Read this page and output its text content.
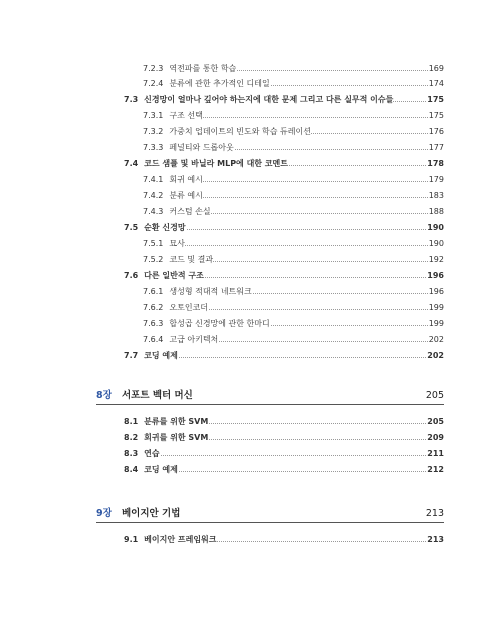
7.2.3 역전파를 통한 학습	169
7.2.4 분류에 관한 추가적인 디테일	174
7.3 신경망이 얼마나 깊어야 하는지에 대한 문제 그리고 다른 실무적 이슈들	175
7.3.1 구조 선택	175
7.3.2 가중치 업데이트의 빈도와 학습 듀레이션	176
7.3.3 페널티와 드롭아웃	177
7.4 코드 샘플 및 바닐라 MLP에 대한 코멘트	178
7.4.1 회귀 예시	179
7.4.2 분류 예시	183
7.4.3 커스텀 손실	188
7.5 순환 신경망	190
7.5.1 묘사	190
7.5.2 코드 및 결과	192
7.6 다른 일반적 구조	196
7.6.1 생성형 적대적 네트워크	196
7.6.2 오토인코더	199
7.6.3 합성곱 신경망에 관한 한마디	199
7.6.4 고급 아키텍처	202
7.7 코딩 예제	202
8장 서포트 벡터 머신	205
8.1 분류를 위한 SVM	205
8.2 회귀를 위한 SVM	209
8.3 연습	211
8.4 코딩 예제	212
9장 베이지안 기법	213
9.1 베이지안 프레임워크	213
